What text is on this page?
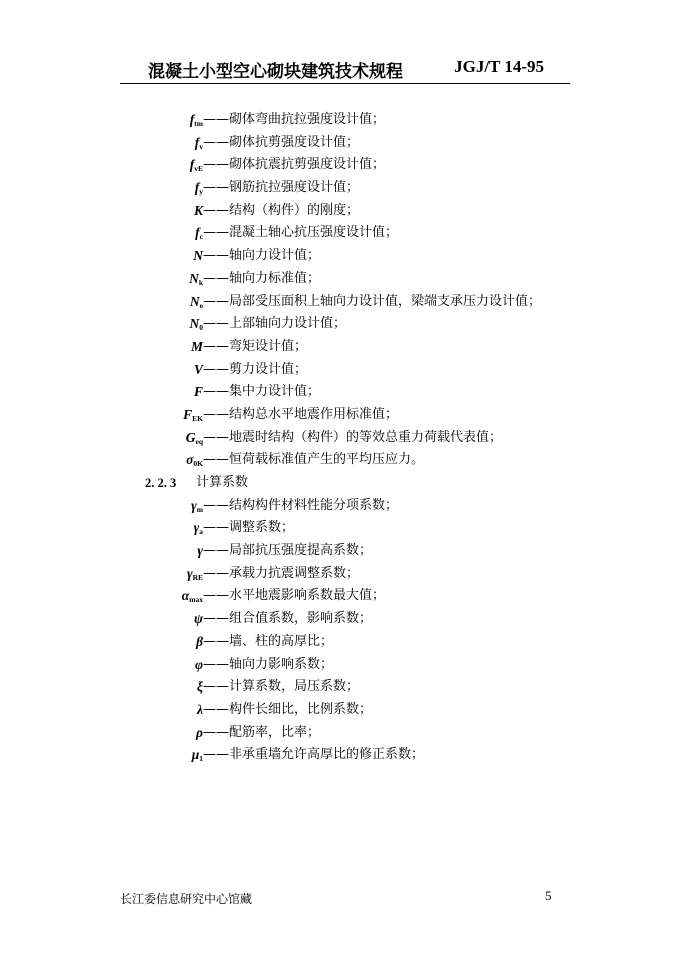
混凝土小型空心砌块建筑技术规程	JGJ/T 14-95
$f_{tm}$ ——砌体弯曲抗拉强度设计值；
$f_v$ ——砌体抗剪强度设计值；
$f_{vE}$ ——砌体抗震抗剪强度设计值；
$f_y$ ——钢筋抗拉强度设计值；
K ——结构（构件）的刚度；
$f_c$ ——混凝土轴心抗压强度设计值；
N ——轴向力设计值；
$N_k$ ——轴向力标准值；
$N_e$ ——局部受压面积上轴向力设计值，梁端支承压力设计值；
$N_0$ ——上部轴向力设计值；
M ——弯矩设计值；
V ——剪力设计值；
F ——集中力设计值；
$F_{EK}$ ——结构总水平地震作用标准值；
$G_{eq}$ ——地震时结构（构件）的等效总重力荷载代表值；
$\sigma_{0K}$ ——恒荷载标准值产生的平均压应力。
2. 2. 3 计算系数
$\gamma_m$ ——结构构件材料性能分项系数；
$\gamma_a$ ——调整系数；
γ ——局部抗压强度提高系数；
$\gamma_{RE}$ ——承载力抗震调整系数；
$\alpha_{max}$ ——水平地震影响系数最大值；
ψ ——组合值系数，影响系数；
β ——墙、柱的高厚比；
φ ——轴向力影响系数；
ξ ——计算系数，局压系数；
λ ——构件长细比，比例系数；
ρ ——配筋率，比率；
$\mu_1$ ——非承重墙允许高厚比的修正系数；
长江委信息研究中心馆藏	5
